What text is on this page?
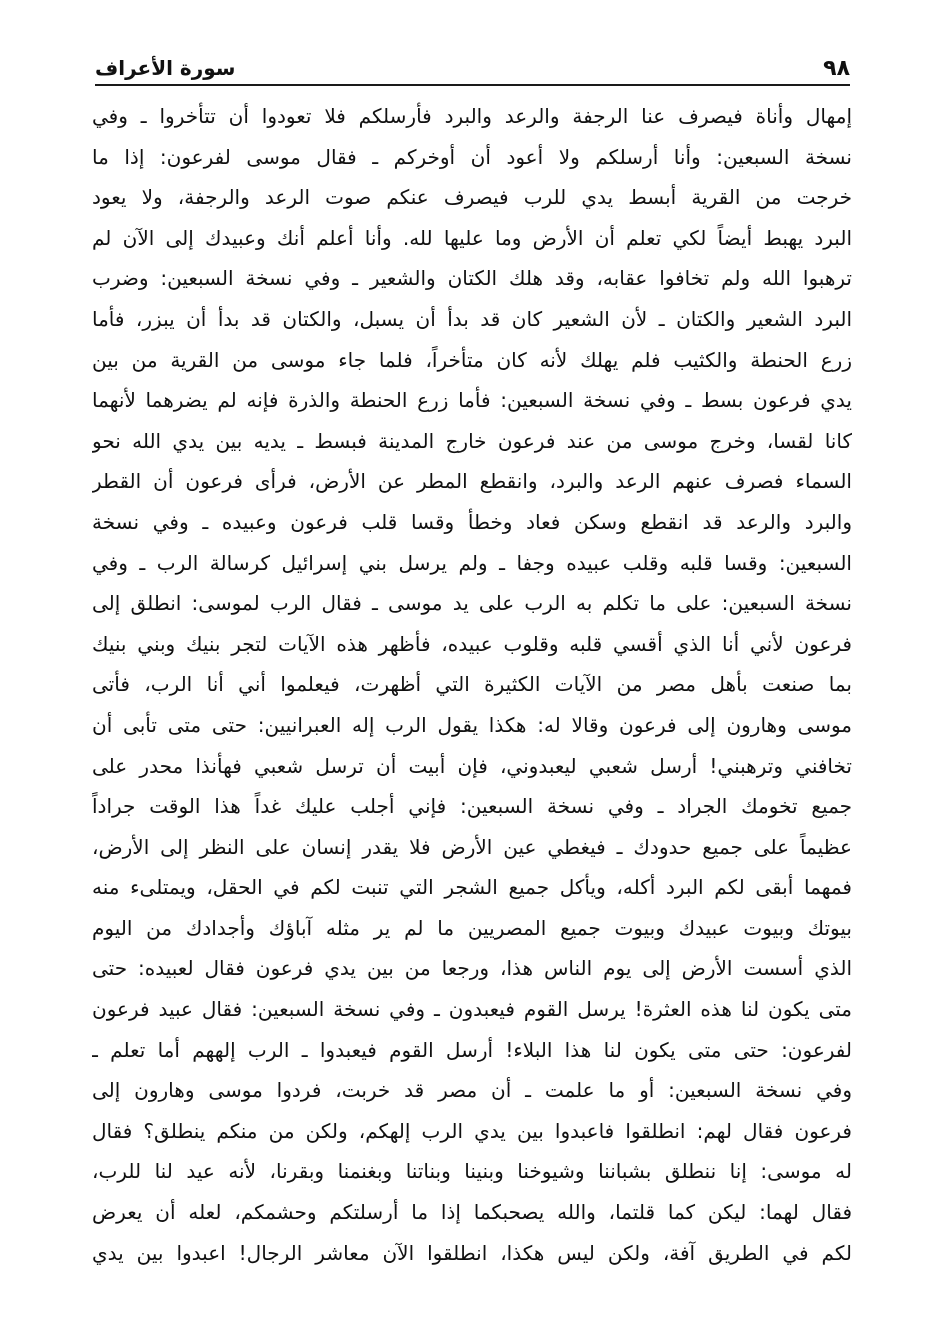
٩٨
سورة الأعراف
إمهال وأناة فيصرف عنا الرجفة والرعد والبرد فأرسلكم فلا تعودوا أن تتأخروا ـ وفي
نسخة السبعين: وأنا أرسلكم ولا أعود أن أوخركم ـ فقال موسى لفرعون: إذا ما
خرجت من القرية أبسط يدي للرب فيصرف عنكم صوت الرعد والرجفة، ولا يعود
البرد يهبط أيضاً لكي تعلم أن الأرض وما عليها لله. وأنا أعلم أنك وعبيدك إلى الآن لم
ترهبوا الله ولم تخافوا عقابه، وقد هلك الكتان والشعير ـ وفي نسخة السبعين: وضرب
البرد الشعير والكتان ـ لأن الشعير كان قد بدأ أن يسبل، والكتان قد بدأ أن يبزر، فأما
زرع الحنطة والكثيب فلم يهلك لأنه كان متأخراً، فلما جاء موسى من القرية من بين
يدي فرعون بسط ـ وفي نسخة السبعين: فأما زرع الحنطة والذرة فإنه لم يضرهما لأنهما
كانا لقسا، وخرج موسى من عند فرعون خارج المدينة فبسط ـ يديه بين يدي الله نحو
السماء فصرف عنهم الرعد والبرد، وانقطع المطر عن الأرض، فرأى فرعون أن القطر
والبرد والرعد قد انقطع وسكن فعاد وخطأ وقسا قلب فرعون وعبيده ـ وفي نسخة
السبعين: وقسا قلبه وقلب عبيده وجفا ـ ولم يرسل بني إسرائيل كرسالة الرب ـ وفي
نسخة السبعين: على ما تكلم به الرب على يد موسى ـ فقال الرب لموسى: انطلق إلى
فرعون لأني أنا الذي أقسي قلبه وقلوب عبيده، فأظهر هذه الآيات لتجر بنيك وبني بنيك
بما صنعت بأهل مصر من الآيات الكثيرة التي أظهرت، فيعلموا أني أنا الرب، فأتى
موسى وهارون إلى فرعون وقالا له: هكذا يقول الرب إله العبرانيين: حتى متى تأبى أن
تخافني وترهبني! أرسل شعبي ليعبدوني، فإن أبيت أن ترسل شعبي فهأنذا محدر على
جميع تخومك الجراد ـ وفي نسخة السبعين: فإني أجلب عليك غداً هذا الوقت جراداً
عظيماً على جميع حدودك ـ فيغطي عين الأرض فلا يقدر إنسان على النظر إلى الأرض،
فمهما أبقى لكم البرد أكله، ويأكل جميع الشجر التي تنبت لكم في الحقل، ويمتلىء منه
بيوتك وبيوت عبيدك وبيوت جميع المصريين ما لم ير مثله آباؤك وأجدادك من اليوم
الذي أسست الأرض إلى يوم الناس هذا، ورجعا من بين يدي فرعون فقال لعبيده: حتى
متى يكون لنا هذه العثرة! يرسل القوم فيعبدون ـ وفي نسخة السبعين: فقال عبيد فرعون
لفرعون: حتى متى يكون لنا هذا البلاء! أرسل القوم فيعبدوا ـ الرب إلههم أما تعلم ـ
وفي نسخة السبعين: أو ما علمت ـ أن مصر قد خربت، فردوا موسى وهارون إلى
فرعون فقال لهم: انطلقوا فاعبدوا بين يدي الرب إلهكم، ولكن من منكم ينطلق؟ فقال
له موسى: إنا ننطلق بشباننا وشيوخنا وبنينا وبناتنا وبغنمنا وبقرنا، لأنه عيد لنا للرب،
فقال لهما: ليكن كما قلتما، والله يصحبكما إذا ما أرسلتكم وحشمكم، لعله أن يعرض
لكم في الطريق آفة، ولكن ليس هكذا، انطلقوا الآن معاشر الرجال! اعبدوا بين يدي
